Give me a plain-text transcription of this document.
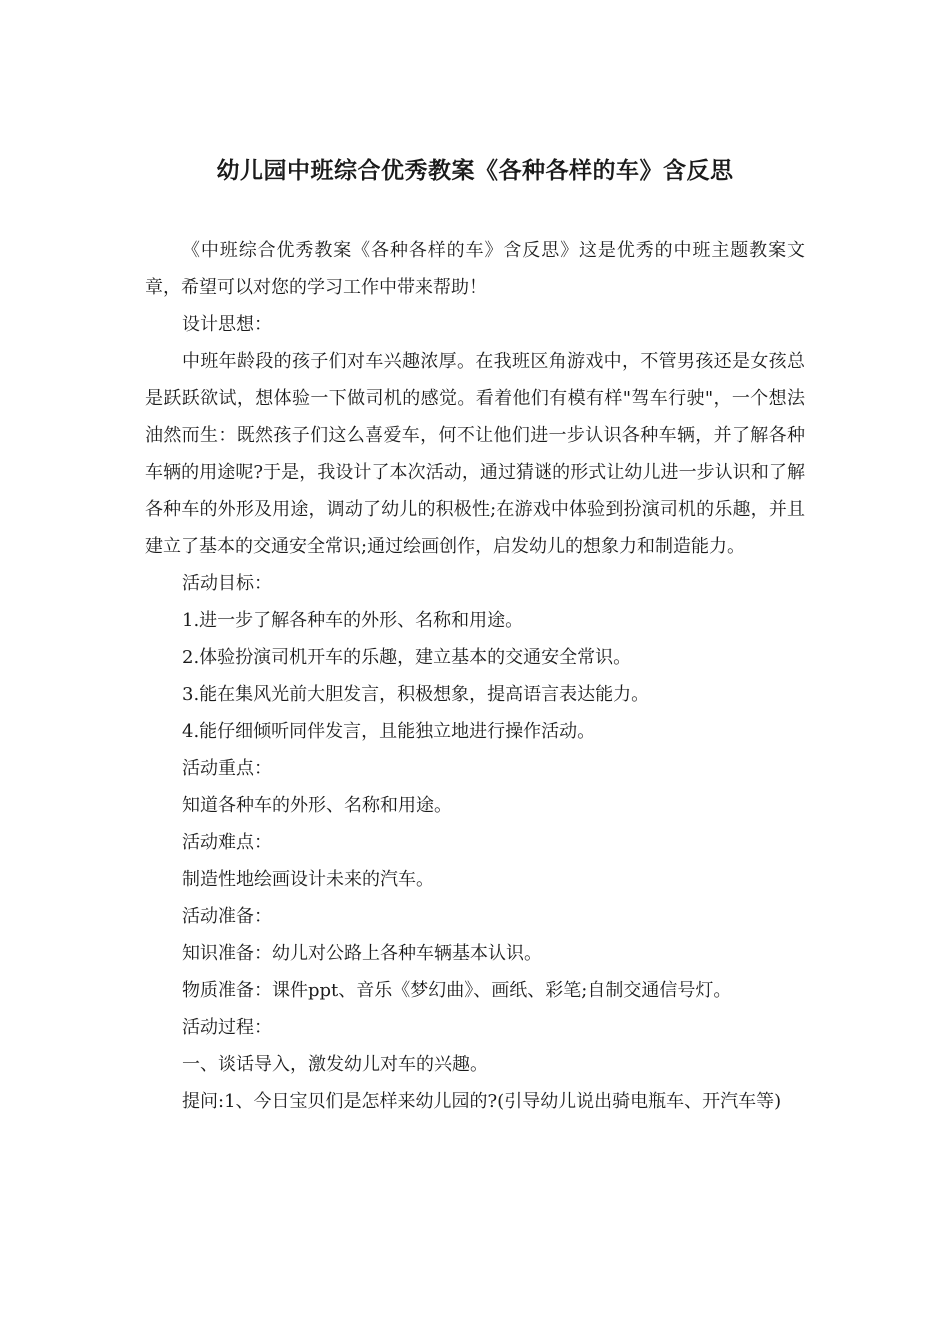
幼儿园中班综合优秀教案《各种各样的车》含反思

《中班综合优秀教案《各种各样的车》含反思》这是优秀的中班主题教案文章，希望可以对您的学习工作中带来帮助！

设计思想：

中班年龄段的孩子们对车兴趣浓厚。在我班区角游戏中，不管男孩还是女孩总是跃跃欲试，想体验一下做司机的感觉。看着他们有模有样"驾车行驶"，一个想法油然而生：既然孩子们这么喜爱车，何不让他们进一步认识各种车辆，并了解各种车辆的用途呢?于是，我设计了本次活动，通过猜谜的形式让幼儿进一步认识和了解各种车的外形及用途，调动了幼儿的积极性;在游戏中体验到扮演司机的乐趣，并且建立了基本的交通安全常识;通过绘画创作，启发幼儿的想象力和制造能力。

活动目标：

1.进一步了解各种车的外形、名称和用途。

2.体验扮演司机开车的乐趣，建立基本的交通安全常识。

3.能在集风光前大胆发言，积极想象，提高语言表达能力。

4.能仔细倾听同伴发言，且能独立地进行操作活动。

活动重点：

知道各种车的外形、名称和用途。

活动难点：

制造性地绘画设计未来的汽车。

活动准备：

知识准备：幼儿对公路上各种车辆基本认识。

物质准备：课件ppt、音乐《梦幻曲》、画纸、彩笔;自制交通信号灯。

活动过程：

一、谈话导入，激发幼儿对车的兴趣。

提问:1、今日宝贝们是怎样来幼儿园的?(引导幼儿说出骑电瓶车、开汽车等)
